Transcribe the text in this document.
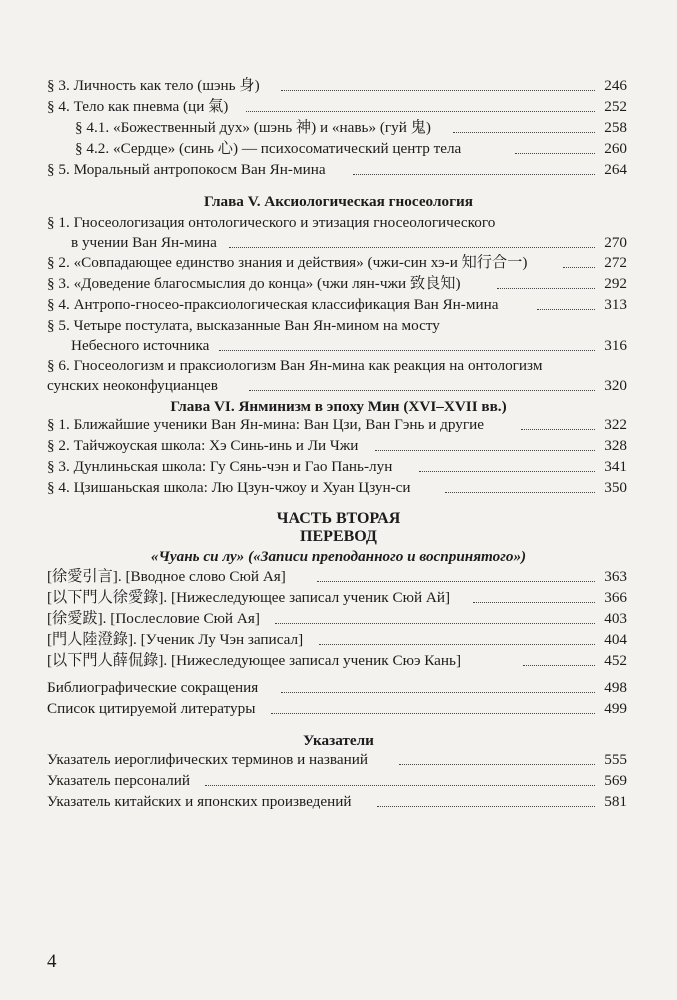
§ 3. Личность как тело (шэнь 身)	246
§ 4. Тело как пневма (ци 氣)	252
§ 4.1. «Божественный дух» (шэнь 神) и «навь» (гуй 鬼)	258
§ 4.2. «Сердце» (синь 心) — психосоматический центр тела	260
§ 5. Моральный антропокосм Ван Ян-мина	264
Глава V. Аксиологическая гносеология
§ 1. Гносеологизация онтологического и этизация гносеологического
в учении Ван Ян-мина	270
§ 2. «Совпадающее единство знания и действия» (чжи-син хэ-и 知行合一)	272
§ 3. «Доведение благосмыслия до конца» (чжи лян-чжи 致良知)	292
§ 4. Антропо-гносео-праксиологическая классификация Ван Ян-мина	313
§ 5. Четыре постулата, высказанные Ван Ян-мином на мосту
Небесного источника	316
§ 6. Гносеологизм и праксиологизм Ван Ян-мина как реакция на онтологизм
сунских неоконфуцианцев	320
Глава VI. Янминизм в эпоху Мин (XVI–XVII вв.)
§ 1. Ближайшие ученики Ван Ян-мина: Ван Цзи, Ван Гэнь и другие	322
§ 2. Тайчжоуская школа: Хэ Синь-инь и Ли Чжи	328
§ 3. Дунлиньская школа: Гу Сянь-чэн и Гао Пань-лун	341
§ 4. Цзишаньская школа: Лю Цзун-чжоу и Хуан Цзун-си	350
ЧАСТЬ ВТОРАЯ
ПЕРЕВОД
«Чуань си лу» («Записи преподанного и воспринятого»)
[徐愛引言]. [Вводное слово Сюй Ая]	363
[以下門人徐愛錄]. [Нижеследующее записал ученик Сюй Ай]	366
[徐愛跋]. [Послесловие Сюй Ая]	403
[門人陸澄錄]. [Ученик Лу Чэн записал]	404
[以下門人薛侃錄]. [Нижеследующее записал ученик Сюэ Кань]	452
Библиографические сокращения	498
Список цитируемой литературы	499
Указатели
Указатель иероглифических терминов и названий	555
Указатель персоналий	569
Указатель китайских и японских произведений	581
4
